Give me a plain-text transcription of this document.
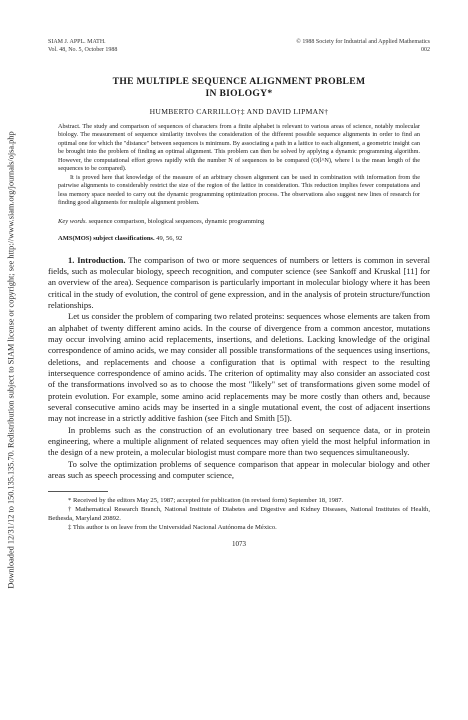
Downloaded 12/31/12 to 150.135.135.70. Redistribution subject to SIAM license or copyright; see http://www.siam.org/journals/ojsa.php
SIAM J. APPL. MATH.
Vol. 48, No. 5, October 1988
© 1988 Society for Industrial and Applied Mathematics
002
THE MULTIPLE SEQUENCE ALIGNMENT PROBLEM
IN BIOLOGY*
HUMBERTO CARRILLO†‡ AND DAVID LIPMAN†

Abstract. The study and comparison of sequences of characters from a finite alphabet is relevant to various areas of science, notably molecular biology. The measurement of sequence similarity involves the consideration of the different possible sequence alignments in order to find an optimal one for which the "distance" between sequences is minimum. By associating a path in a lattice to each alignment, a geometric insight can be brought into the problem of finding an optimal alignment. This problem can then be solved by applying a dynamic programming algorithm. However, the computational effort grows rapidly with the number N of sequences to be compared (O(l^N), where l is the mean length of the sequences to be compared).

It is proved here that knowledge of the measure of an arbitrary chosen alignment can be used in combination with information from the pairwise alignments to considerably restrict the size of the region of the lattice in consideration. This reduction implies fewer computations and less memory space needed to carry out the dynamic programming optimization process. The observations also suggest new lines of research for finding good alignments for multiple alignment problem.

Key words. sequence comparison, biological sequences, dynamic programming
AMS(MOS) subject classifications. 49, 56, 92

1. Introduction. The comparison of two or more sequences of numbers or letters is common in several fields, such as molecular biology, speech recognition, and computer science (see Sankoff and Kruskal [11] for an overview of the area). Sequence comparison is particularly important in molecular biology where it has been critical in the study of evolution, the control of gene expression, and in the analysis of protein structure/function relationships.

Let us consider the problem of comparing two related proteins: sequences whose elements are taken from an alphabet of twenty different amino acids. In the course of divergence from a common ancestor, mutations may occur involving amino acid replacements, insertions, and deletions. Lacking knowledge of the original correspondence of amino acids, we may consider all possible transformations of the sequences using insertions, deletions, and replacements and choose a configuration that is optimal with respect to the resulting intersequence correspondence of amino acids. The criterion of optimality may also consider an associated cost of the transformations involved so as to choose the most "likely" set of transformations given some model of protein evolution. For example, some amino acid replacements may be more costly than others and, because several consecutive amino acids may be inserted in a single mutational event, the cost of adjacent insertions may not increase in a strictly additive fashion (see Fitch and Smith [5]).

In problems such as the construction of an evolutionary tree based on sequence data, or in protein engineering, where a multiple alignment of related sequences may often yield the most helpful information in the design of a new protein, a molecular biologist must compare more than two sequences simultaneously.

To solve the optimization problems of sequence comparison that appear in molecular biology and other areas such as speech processing and computer science,

* Received by the editors May 25, 1987; accepted for publication (in revised form) September 18, 1987.

† Mathematical Research Branch, National Institute of Diabetes and Digestive and Kidney Diseases, National Institutes of Health, Bethesda, Maryland 20892.

‡ This author is on leave from the Universidad Nacional Autónoma de México.

1073
